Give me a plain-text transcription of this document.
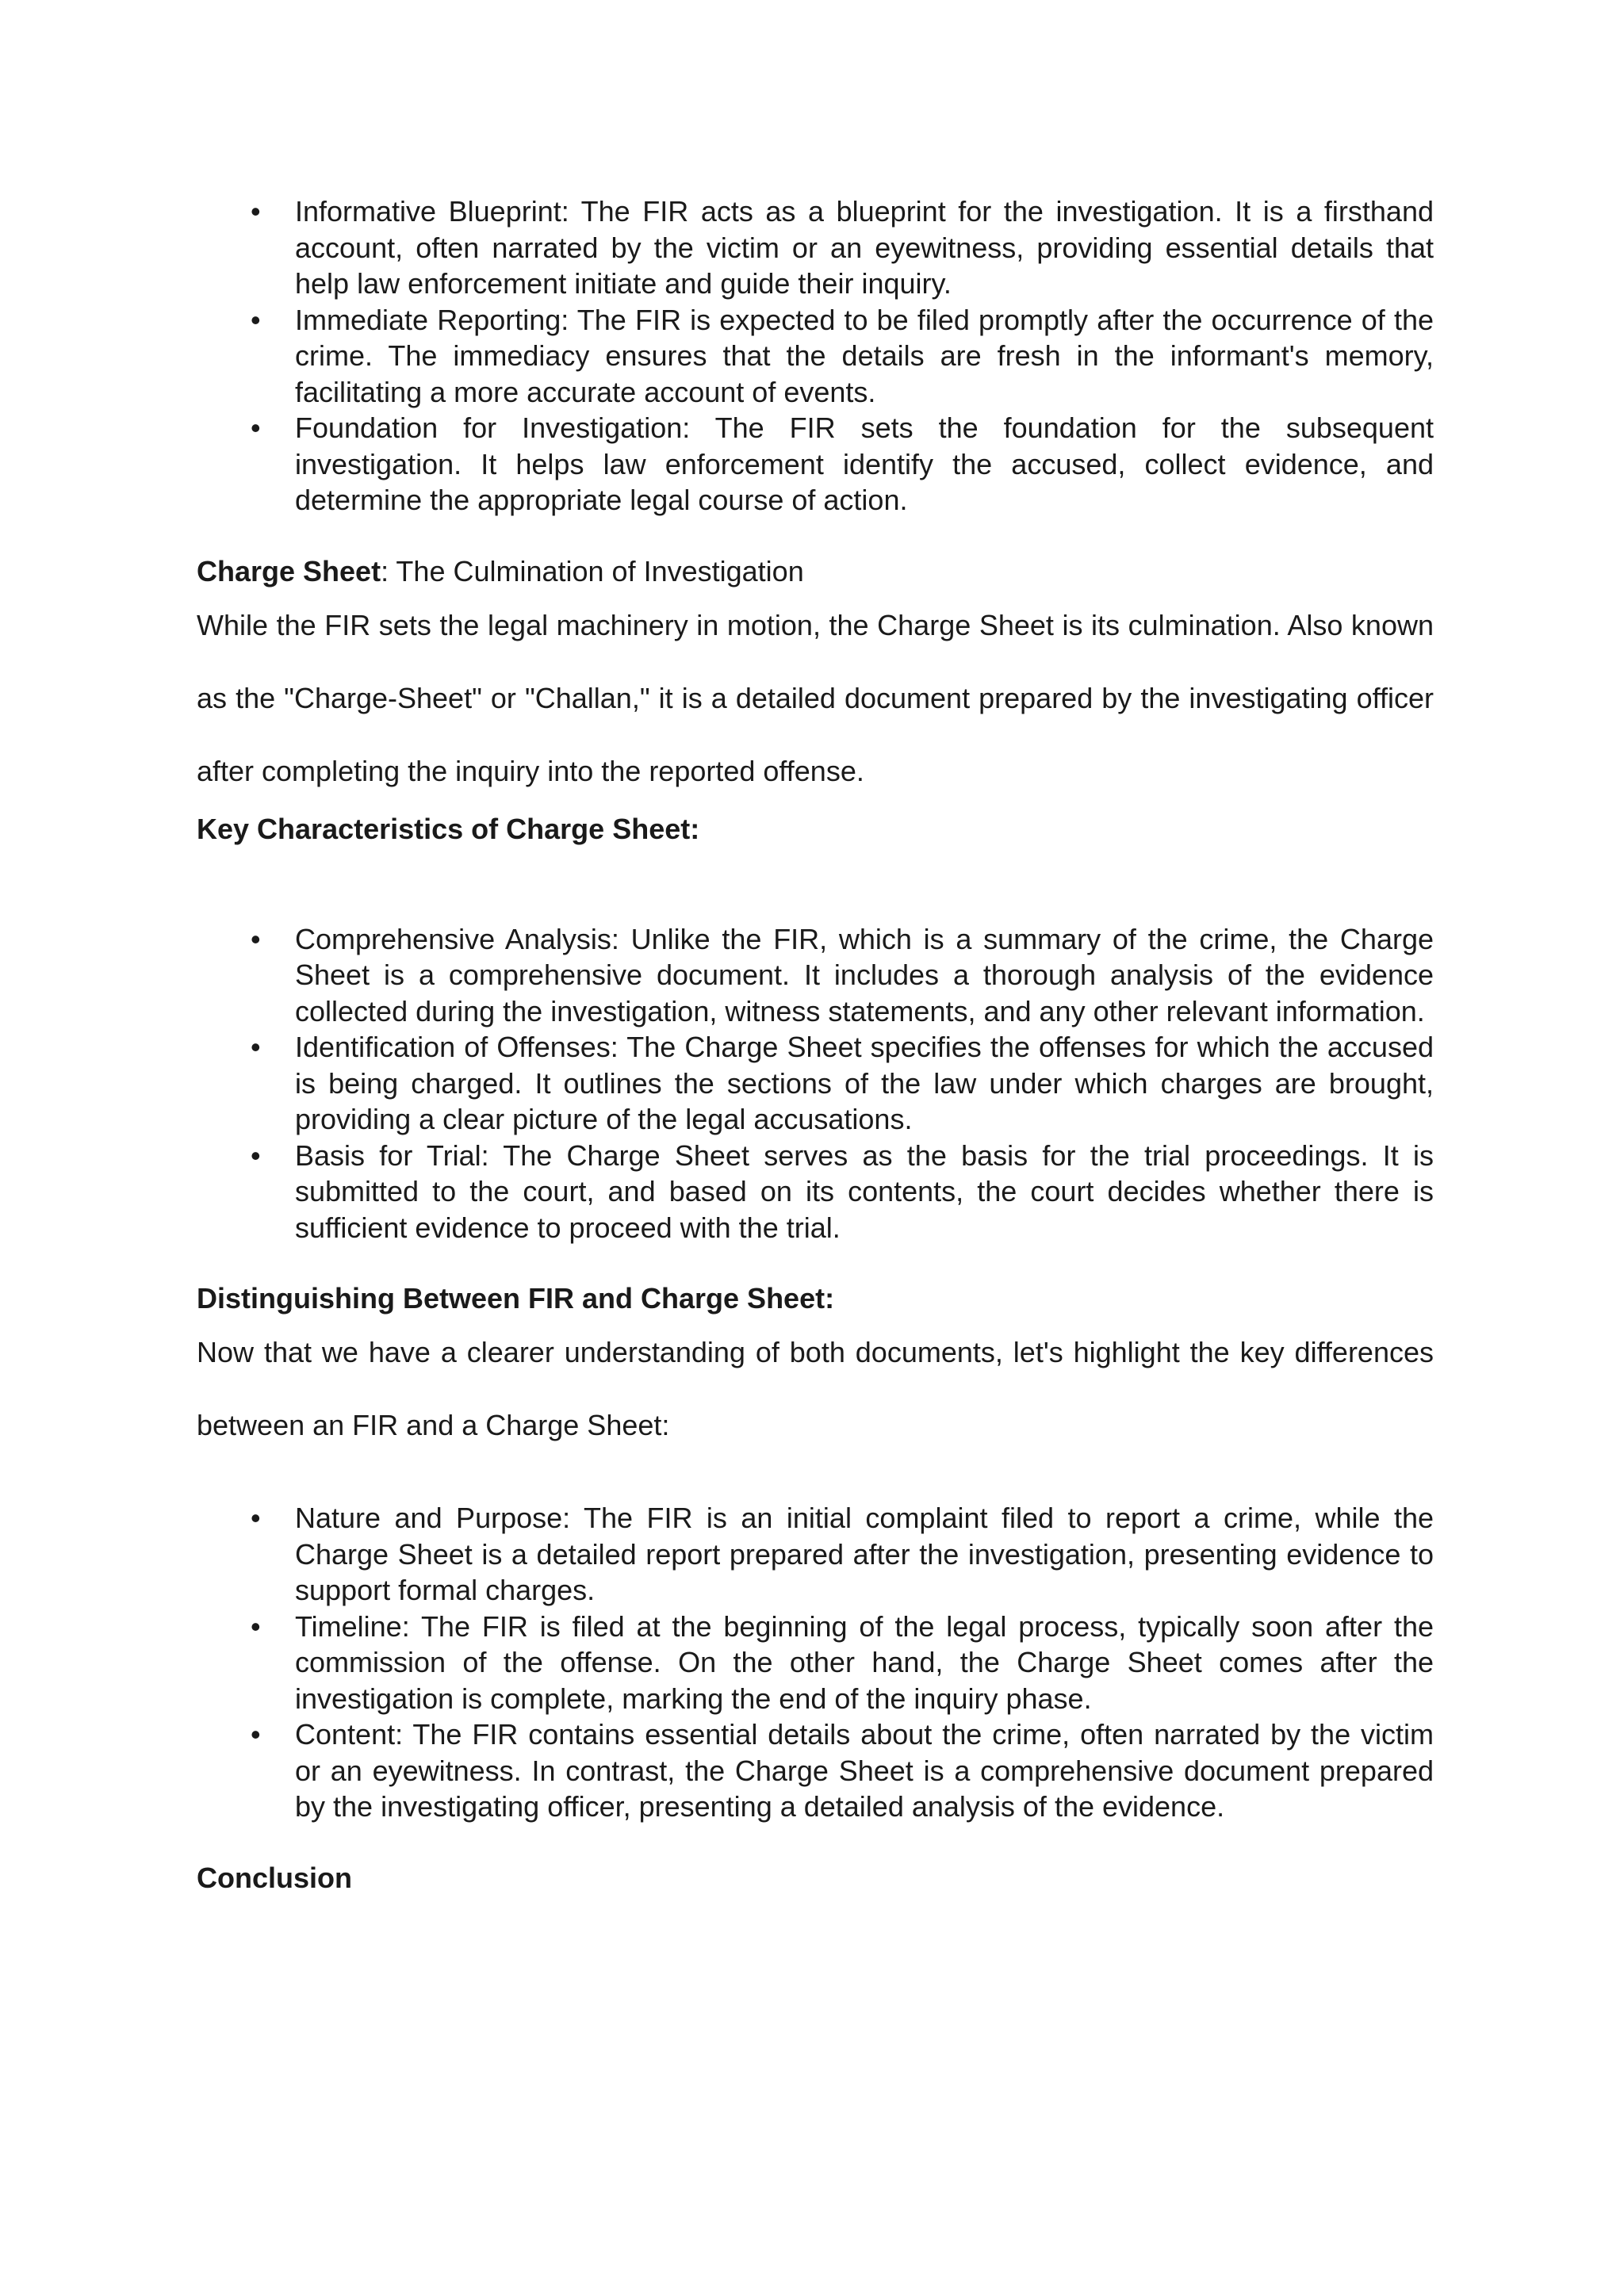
• Informative Blueprint: The FIR acts as a blueprint for the investigation. It is a firsthand account, often narrated by the victim or an eyewitness, providing essential details that help law enforcement initiate and guide their inquiry.
• Immediate Reporting: The FIR is expected to be filed promptly after the occurrence of the crime. The immediacy ensures that the details are fresh in the informant's memory, facilitating a more accurate account of events.
• Foundation for Investigation: The FIR sets the foundation for the subsequent investigation. It helps law enforcement identify the accused, collect evidence, and determine the appropriate legal course of action.
Charge Sheet: The Culmination of Investigation

While the FIR sets the legal machinery in motion, the Charge Sheet is its culmination. Also known as the "Charge-Sheet" or "Challan," it is a detailed document prepared by the investigating officer after completing the inquiry into the reported offense.

Key Characteristics of Charge Sheet:
• Comprehensive Analysis: Unlike the FIR, which is a summary of the crime, the Charge Sheet is a comprehensive document. It includes a thorough analysis of the evidence collected during the investigation, witness statements, and any other relevant information.
• Identification of Offenses: The Charge Sheet specifies the offenses for which the accused is being charged. It outlines the sections of the law under which charges are brought, providing a clear picture of the legal accusations.
• Basis for Trial: The Charge Sheet serves as the basis for the trial proceedings. It is submitted to the court, and based on its contents, the court decides whether there is sufficient evidence to proceed with the trial.
Distinguishing Between FIR and Charge Sheet:

Now that we have a clearer understanding of both documents, let's highlight the key differences between an FIR and a Charge Sheet:

• Nature and Purpose: The FIR is an initial complaint filed to report a crime, while the Charge Sheet is a detailed report prepared after the investigation, presenting evidence to support formal charges.
• Timeline: The FIR is filed at the beginning of the legal process, typically soon after the commission of the offense. On the other hand, the Charge Sheet comes after the investigation is complete, marking the end of the inquiry phase.
• Content: The FIR contains essential details about the crime, often narrated by the victim or an eyewitness. In contrast, the Charge Sheet is a comprehensive document prepared by the investigating officer, presenting a detailed analysis of the evidence.
Conclusion
